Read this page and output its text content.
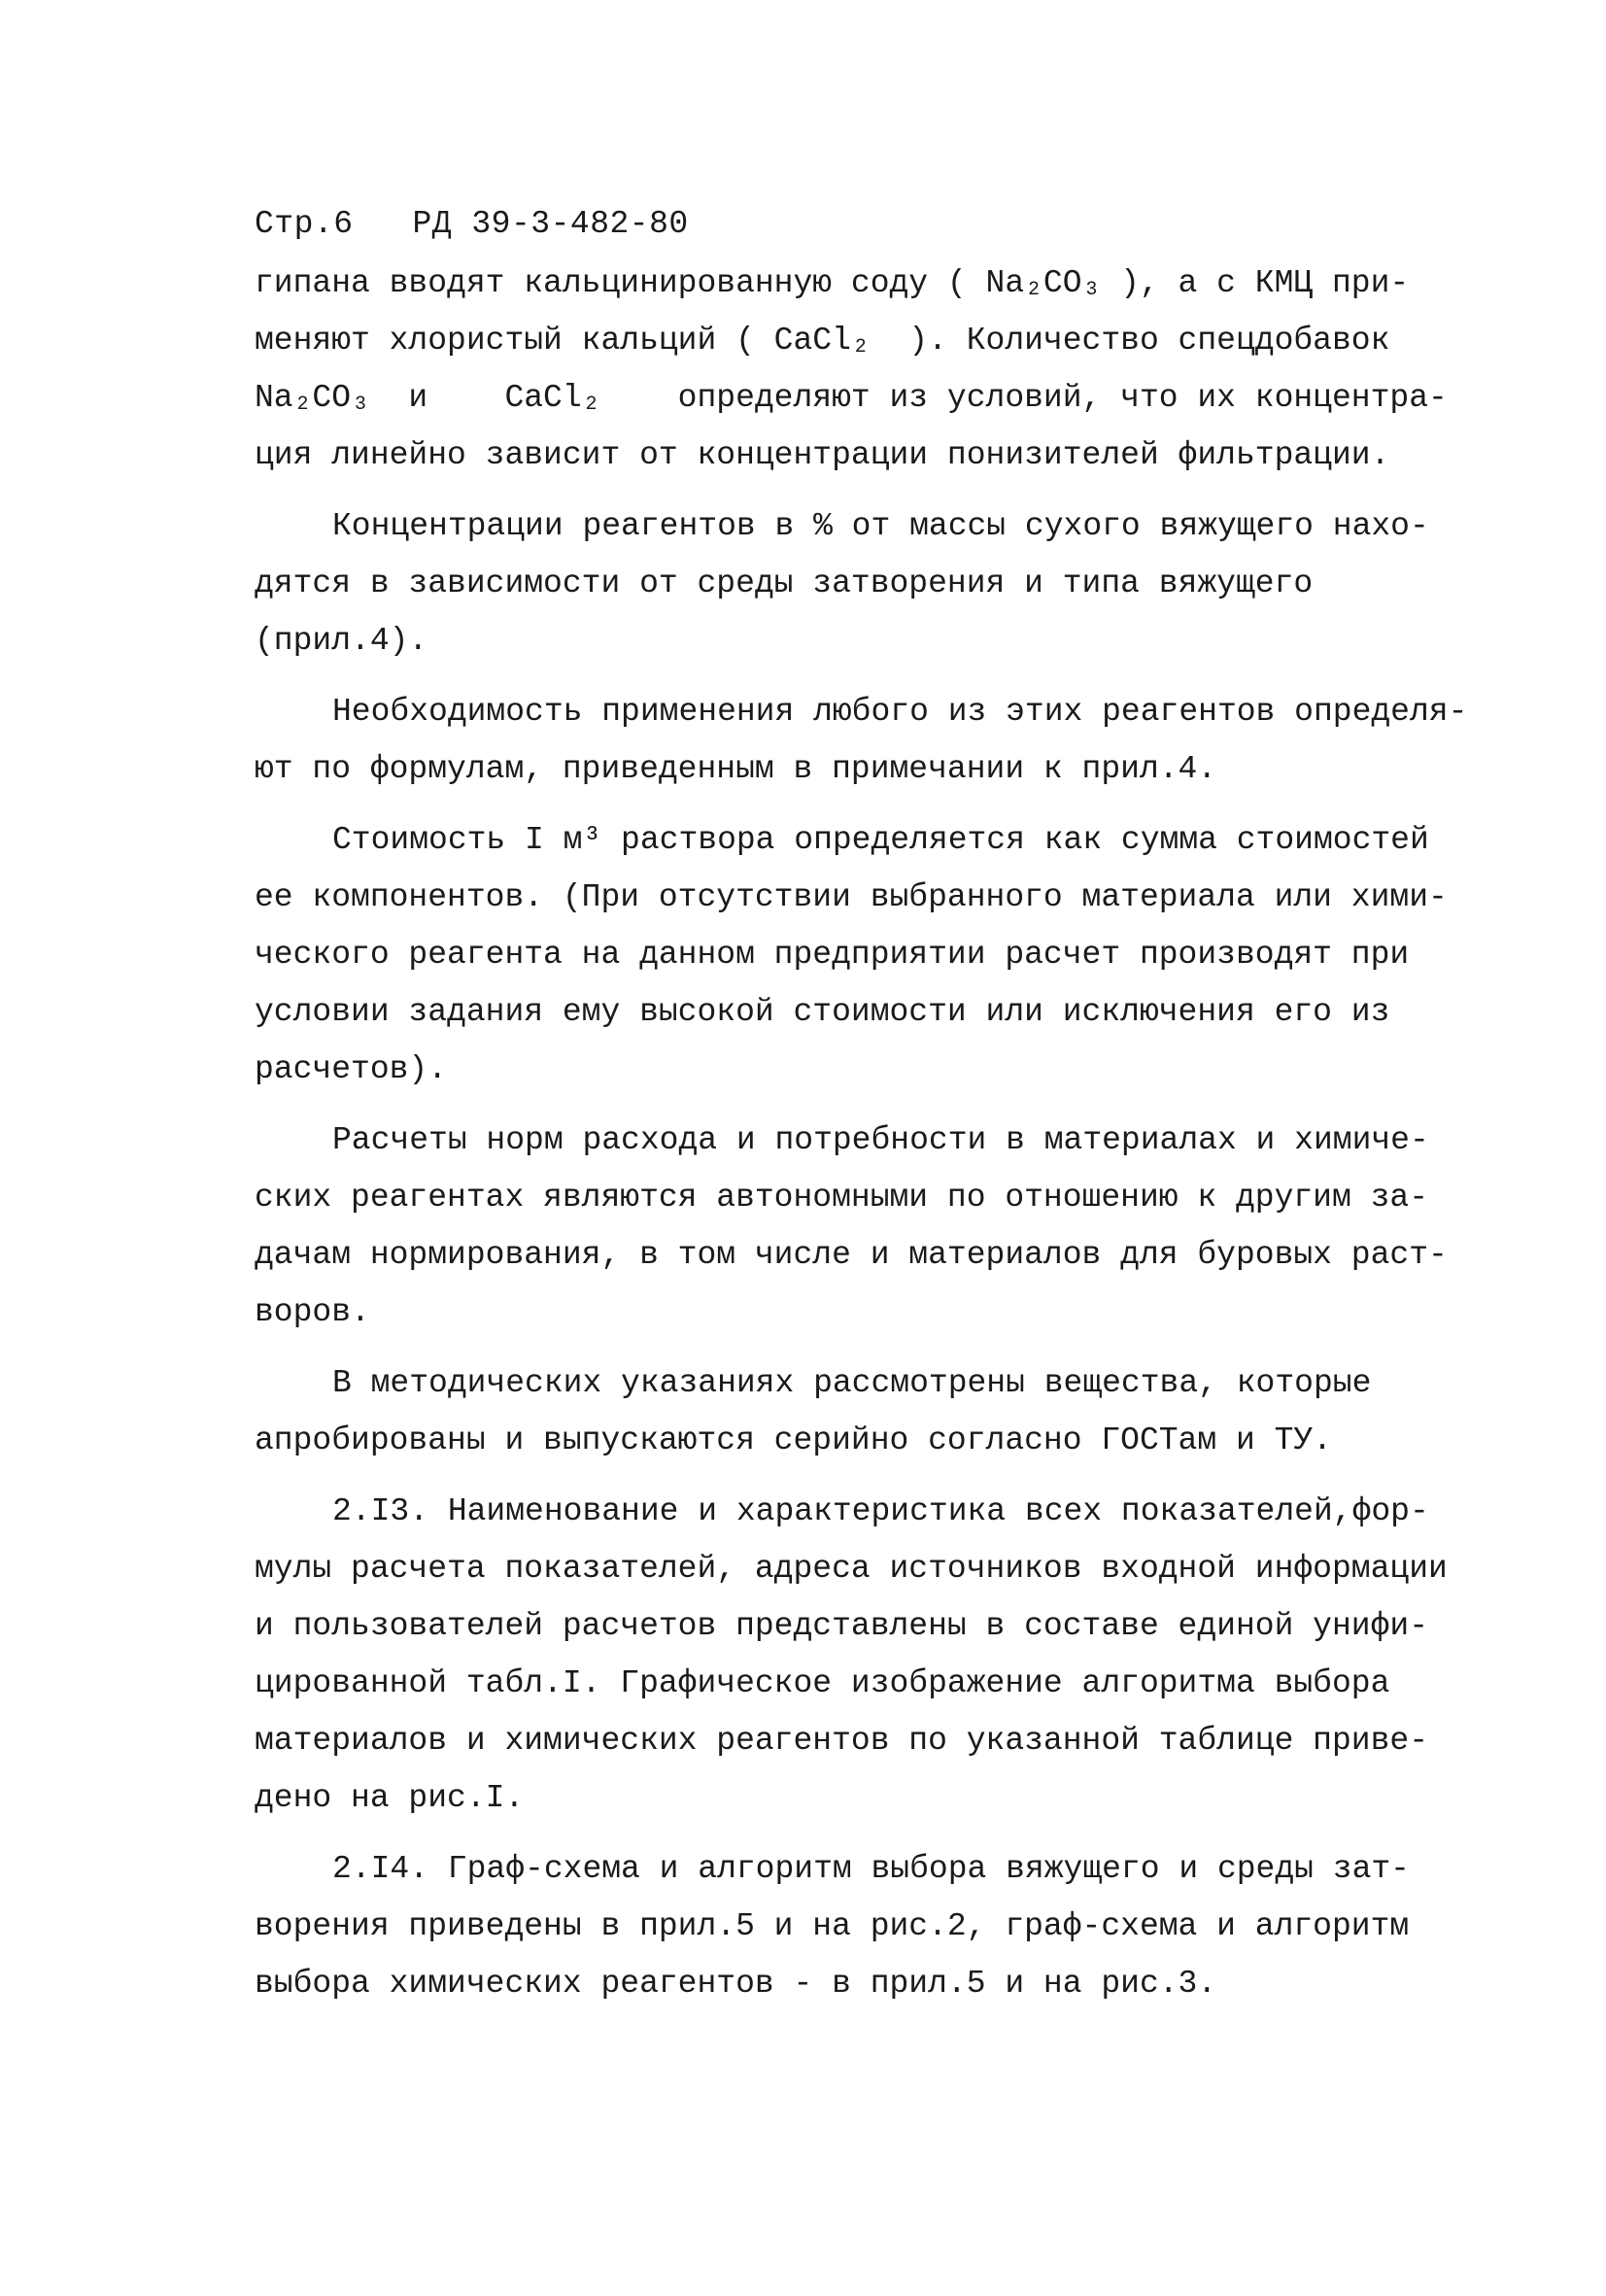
Стр.6 РД 39-3-482-80
гипана вводят кальцинированную соду ( Na₂CO₃ ), а с КМЦ при-
меняют хлористый кальций ( CaCl₂  ). Количество спецдобавок
Na₂CO₃  и    CaCl₂    определяют из условий, что их концентра-
ция линейно зависит от концентрации понизителей фильтрации.
Концентрации реагентов в % от массы сухого вяжущего нахо-
дятся в зависимости от среды затворения и типа вяжущего
(прил.4).
Необходимость применения любого из этих реагентов определя-
ют по формулам, приведенным в примечании к прил.4.
Стоимость I м³ раствора определяется как сумма стоимостей
ее компонентов. (При отсутствии выбранного материала или хими-
ческого реагента на данном предприятии расчет производят при
условии задания ему высокой стоимости или исключения его из
расчетов).
Расчеты норм расхода и потребности в материалах и химиче-
ских реагентах являются автономными по отношению к другим за-
дачам нормирования, в том числе и материалов для буровых раст-
воров.
В методических указаниях рассмотрены вещества, которые
апробированы и выпускаются серийно согласно ГОСТам и ТУ.
2.I3. Наименование и характеристика всех показателей,фор-
мулы расчета показателей, адреса источников входной информации
и пользователей расчетов представлены в составе единой унифи-
цированной табл.I. Графическое изображение алгоритма выбора
материалов и химических реагентов по указанной таблице приве-
дено на рис.I.
2.I4. Граф-схема и алгоритм выбора вяжущего и среды зат-
ворения приведены в прил.5 и на рис.2, граф-схема и алгоритм
выбора химических реагентов - в прил.5 и на рис.3.
